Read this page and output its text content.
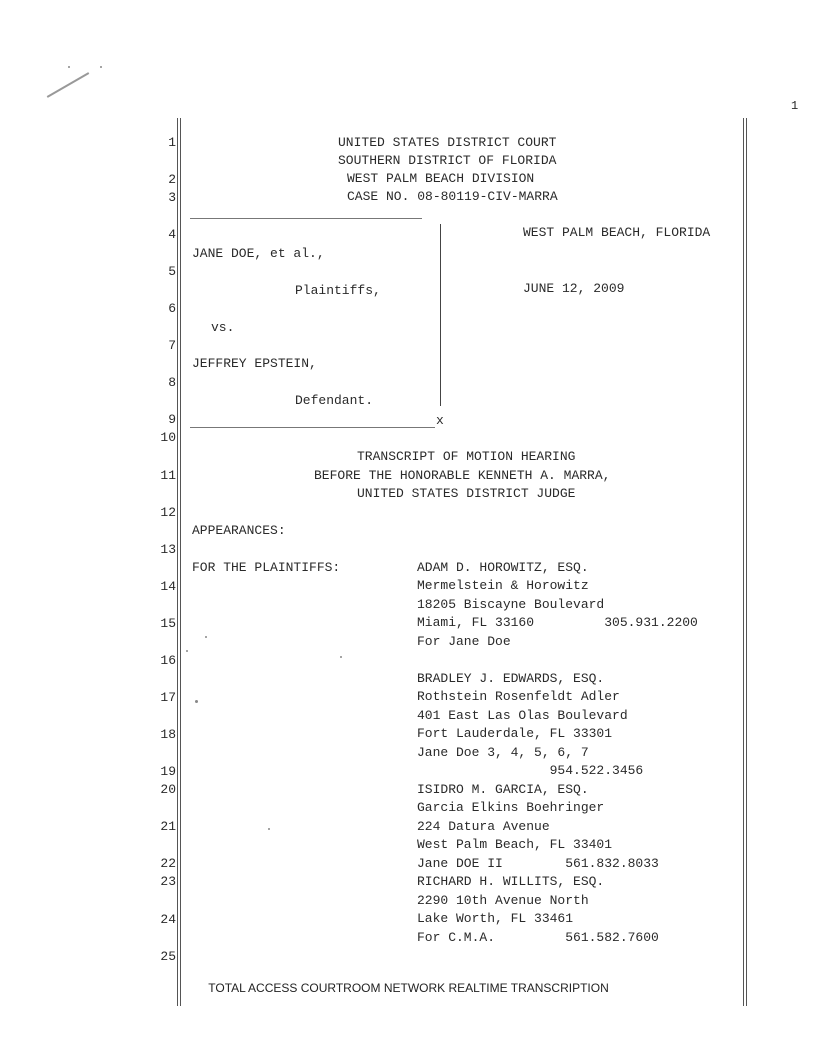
1
1
2
3
4
5
6
7
8
9
10
11
12
13
14
15
16
17
18
19
20
21
22
23
24
25
UNITED STATES DISTRICT COURT
SOUTHERN DISTRICT OF FLORIDA
WEST PALM BEACH DIVISION
CASE NO. 08-80119-CIV-MARRA
x
WEST PALM BEACH, FLORIDA
JUNE 12, 2009
JANE DOE, et al.,
Plaintiffs,
vs.
JEFFREY EPSTEIN,
Defendant.
TRANSCRIPT OF MOTION HEARING
BEFORE THE HONORABLE KENNETH A. MARRA,
UNITED STATES DISTRICT JUDGE
APPEARANCES:
FOR THE PLAINTIFFS:	ADAM D. HOROWITZ, ESQ.
Mermelstein & Horowitz
18205 Biscayne Boulevard
Miami, FL 33160         305.931.2200
For Jane Doe
BRADLEY J. EDWARDS, ESQ.
Rothstein Rosenfeldt Adler
401 East Las Olas Boulevard
Fort Lauderdale, FL 33301
Jane Doe 3, 4, 5, 6, 7
954.522.3456
ISIDRO M. GARCIA, ESQ.
Garcia Elkins Boehringer
224 Datura Avenue
West Palm Beach, FL 33401
Jane DOE II        561.832.8033
RICHARD H. WILLITS, ESQ.
2290 10th Avenue North
Lake Worth, FL 33461
For C.M.A.         561.582.7600
TOTAL ACCESS COURTROOM NETWORK REALTIME TRANSCRIPTION
